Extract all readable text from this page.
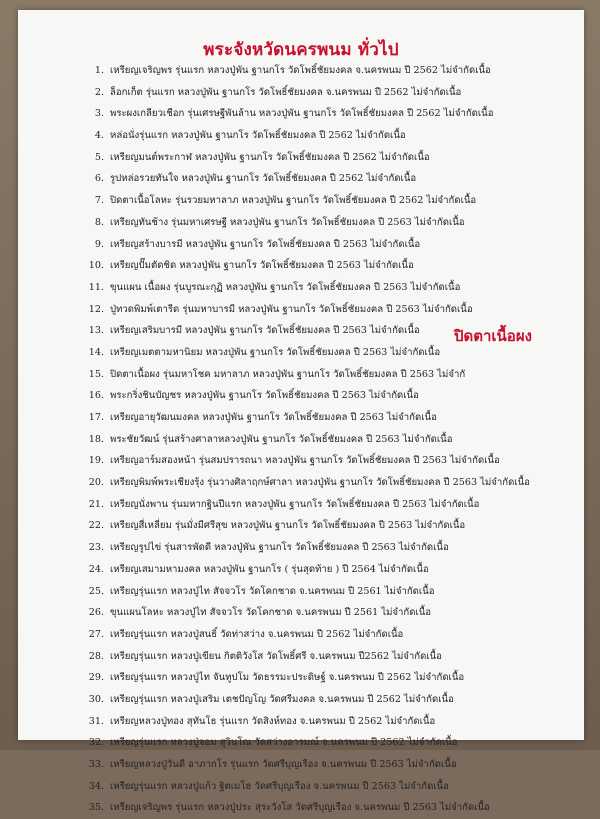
พระจังหวัดนครพนม ทั่วไป
1. เหรียญเจริญพร รุ่นแรก หลวงปู่พัน ฐานกโร วัดโพธิ์ชัยมงคล จ.นครพนม ปี 2562 ไม่จำกัดเนื้อ
2. ล็อกเก็ต รุ่นแรก หลวงปู่พัน ฐานกโร วัดโพธิ์ชัยมงคล จ.นครพนม ปี 2562 ไม่จำกัดเนื้อ
3. พระผงเกลียวเชือก รุ่นเศรษฐีพันล้าน หลวงปู่พัน ฐานกโร วัดโพธิ์ชัยมงคล ปี 2562 ไม่จำกัดเนื้อ
4. หล่อนั่งรุ่นแรก หลวงปู่พัน ฐานกโร วัดโพธิ์ชัยมงคล ปี 2562 ไม่จำกัดเนื้อ
5. เหรียญมนต์พระกาฬ หลวงปู่พัน ฐานกโร วัดโพธิ์ชัยมงคล ปี 2562 ไม่จำกัดเนื้อ
6. รูปหล่อรวยทันใจ หลวงปู่พัน ฐานกโร วัดโพธิ์ชัยมงคล ปี 2562 ไม่จำกัดเนื้อ
7. ปิดตาเนื้อโลหะ รุ่นรวยมหาลาภ หลวงปู่พัน ฐานกโร วัดโพธิ์ชัยมงคล ปี 2562 ไม่จำกัดเนื้อ
8. เหรียญทันช้าง รุ่นมหาเศรษฐี หลวงปู่พัน ฐานกโร วัดโพธิ์ชัยมงคล ปี 2563 ไม่จำกัดเนื้อ
9. เหรียญสร้างบารมี หลวงปู่พัน ฐานกโร วัดโพธิ์ชัยมงคล ปี 2563 ไม่จำกัดเนื้อ
10. เหรียญปั๊มตัดชิด หลวงปู่พัน ฐานกโร วัดโพธิ์ชัยมงคล ปี 2563 ไม่จำกัดเนื้อ
11. ขุนแผน เนื้อผง รุ่นบูรณะกุฏิ หลวงปู่พัน ฐานกโร วัดโพธิ์ชัยมงคล ปี 2563 ไม่จำกัดเนื้อ
12. ปู่ทวดพิมพ์เตารีด รุ่นมหาบารมี หลวงปู่พัน ฐานกโร วัดโพธิ์ชัยมงคล ปี 2563 ไม่จำกัดเนื้อ
13. เหรียญเสริมบารมี หลวงปู่พัน ฐานกโร วัดโพธิ์ชัยมงคล ปี 2563 ไม่จำกัดเนื้อ
14. เหรียญเมตตามหานิยม หลวงปู่พัน ฐานกโร วัดโพธิ์ชัยมงคล ปี 2563 ไม่จำกัดเนื้อ
15. ปิดตาเนื้อผง รุ่นมหาโชค มหาลาภ หลวงปู่พัน ฐานกโร วัดโพธิ์ชัยมงคล ปี 2563 ไม่จำกั
16. พระกริ่งชินบัญชร หลวงปู่พัน ฐานกโร วัดโพธิ์ชัยมงคล ปี 2563 ไม่จำกัดเนื้อ
17. เหรียญอายุวัฒนมงคล หลวงปู่พัน ฐานกโร วัดโพธิ์ชัยมงคล ปี 2563 ไม่จำกัดเนื้อ
18. พระชัยวัฒน์ รุ่นสร้างศาลาหลวงปู่พัน ฐานกโร วัดโพธิ์ชัยมงคล ปี 2563 ไม่จำกัดเนื้อ
19. เหรียญอาร์มสองหน้า รุ่นสมปรารถนา หลวงปู่พัน ฐานกโร วัดโพธิ์ชัยมงคล ปี 2563 ไม่จำกัดเนื้อ
20. เหรียญพิมพ์พระเชียงรุ้ง รุ่นวางศิลาฤกษ์ศาลา หลวงปู่พัน ฐานกโร วัดโพธิ์ชัยมงคล ปี 2563 ไม่จำกัดเนื้อ
21. เหรียญนั่งพาน รุ่นมหากฐินปีแรก หลวงปู่พัน ฐานกโร วัดโพธิ์ชัยมงคล ปี 2563 ไม่จำกัดเนื้อ
22. เหรียญสี่เหลี่ยม รุ่นมั่งมีศรีสุข หลวงปู่พัน ฐานกโร วัดโพธิ์ชัยมงคล ปี 2563 ไม่จำกัดเนื้อ
23. เหรียญรูปไข่ รุ่นสารพัดดี หลวงปู่พัน ฐานกโร วัดโพธิ์ชัยมงคล ปี 2563 ไม่จำกัดเนื้อ
24. เหรียญเสมามหามงคล หลวงปู่พัน ฐานกโร ( รุ่นสุดท้าย ) ปี 2564 ไม่จำกัดเนื้อ
25. เหรียญรุ่นแรก หลวงปู่ไท สัจจวโร วัดโคกชาด จ.นครพนม ปี 2561 ไม่จำกัดเนื้อ
26. ขุนแผนโลหะ หลวงปู่ไท สัจจวโร วัดโคกชาด จ.นครพนม ปี 2561 ไม่จำกัดเนื้อ
27. เหรียญรุ่นแรก หลวงปู่สนธิ์ วัดท่าสว่าง จ.นครพนม ปี 2562 ไม่จำกัดเนื้อ
28. เหรียญรุ่นแรก หลวงปู่เขียน กิตติวังโส วัดโพธิ์ศรี จ.นครพนม ปี2562 ไม่จำกัดเนื้อ
29. เหรียญรุ่นแรก หลวงปู่ไท จันทูปโม วัดธรรมะประดิษฐ์ จ.นครพนม ปี 2562 ไม่จำกัดเนื้อ
30. เหรียญรุ่นแรก หลวงปู่เสริม เตชปัญโญ วัดศรีมงคล จ.นครพนม ปี 2562 ไม่จำกัดเนื้อ
31. เหรียญหลวงปู่ทอง สุทันโธ รุ่นแรก วัดสิงห์ทอง จ.นครพนม ปี 2562 ไม่จำกัดเนื้อ
32. เหรียญรุ่นแรก หลวงปู่จอม สุวินโณ วัดสว่างอารมณ์ จ.นครพนม ปี 2562 ไม่จำกัดเนื้อ
33. เหรียญหลวงปู่วันดี อาภากโร รุ่นแรก วัดศรีบุญเรือง จ.นครพนม ปี 2563 ไม่จำกัดเนื้อ
34. เหรียญรุ่นแรก หลวงปู่แก้ว ฐิตเมโธ วัดศรีบุญเรือง จ.นครพนม ปี 2563 ไม่จำกัดเนื้อ
35. เหรียญเจริญพร รุ่นแรก หลวงปู่ประ สุระวังโส วัดศรีบุญเรือง จ.นครพนม ปี 2563 ไม่จำกัดเนื้อ
ปิดตาเนื้อผง
